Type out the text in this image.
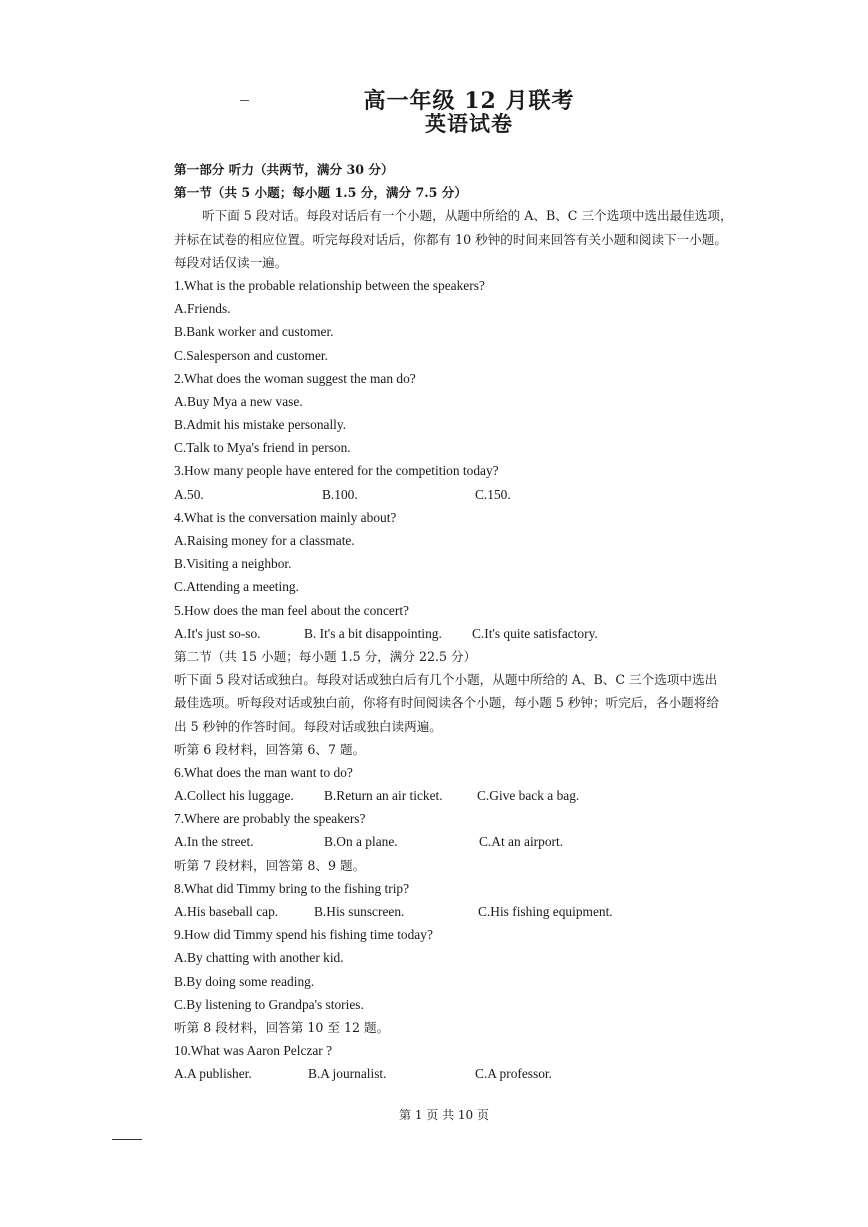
高一年级 12 月联考
英语试卷
第一部分 听力（共两节，满分 30 分）
第一节（共 5 小题；每小题 1.5 分，满分 7.5 分）
听下面 5 段对话。每段对话后有一个小题，从题中所给的 A、B、C 三个选项中选出最佳选项，
并标在试卷的相应位置。听完每段对话后，你都有 10 秒钟的时间来回答有关小题和阅读下一小题。
每段对话仅读一遍。
1.What is the probable relationship between the speakers?
A.Friends.
B.Bank worker and customer.
C.Salesperson and customer.
2.What does the woman suggest the man do?
A.Buy Mya a new vase.
B.Admit his mistake personally.
C.Talk to Mya's friend in person.
3.How many people have entered for the competition today?
A.50.	B.100.	C.150.
4.What is the conversation mainly about?
A.Raising money for a classmate.
B.Visiting a neighbor.
C.Attending a meeting.
5.How does the man feel about the concert?
A.It's just so-so.	B. It's a bit disappointing.	C.It's quite satisfactory.
第二节（共 15 小题；每小题 1.5 分，满分 22.5 分）
听下面 5 段对话或独白。每段对话或独白后有几个小题，从题中所给的 A、B、C 三个选项中选出
最佳选项。听每段对话或独白前，你将有时间阅读各个小题，每小题 5 秒钟；听完后，各小题将给
出 5 秒钟的作答时间。每段对话或独白读两遍。
听第 6 段材料，回答第 6、7 题。
6.What does the man want to do?
A.Collect his luggage.	B.Return an air ticket.	C.Give back a bag.
7.Where are probably the speakers?
A.In the street.	B.On a plane.	C.At an airport.
听第 7 段材料，回答第 8、9 题。
8.What did Timmy bring to the fishing trip?
A.His baseball cap.	B.His sunscreen.	C.His fishing equipment.
9.How did Timmy spend his fishing time today?
A.By chatting with another kid.
B.By doing some reading.
C.By listening to Grandpa's stories.
听第 8 段材料，回答第 10 至 12 题。
10.What was Aaron Pelczar ?
A.A publisher.	B.A journalist.	C.A professor.
第 1 页 共 10 页
